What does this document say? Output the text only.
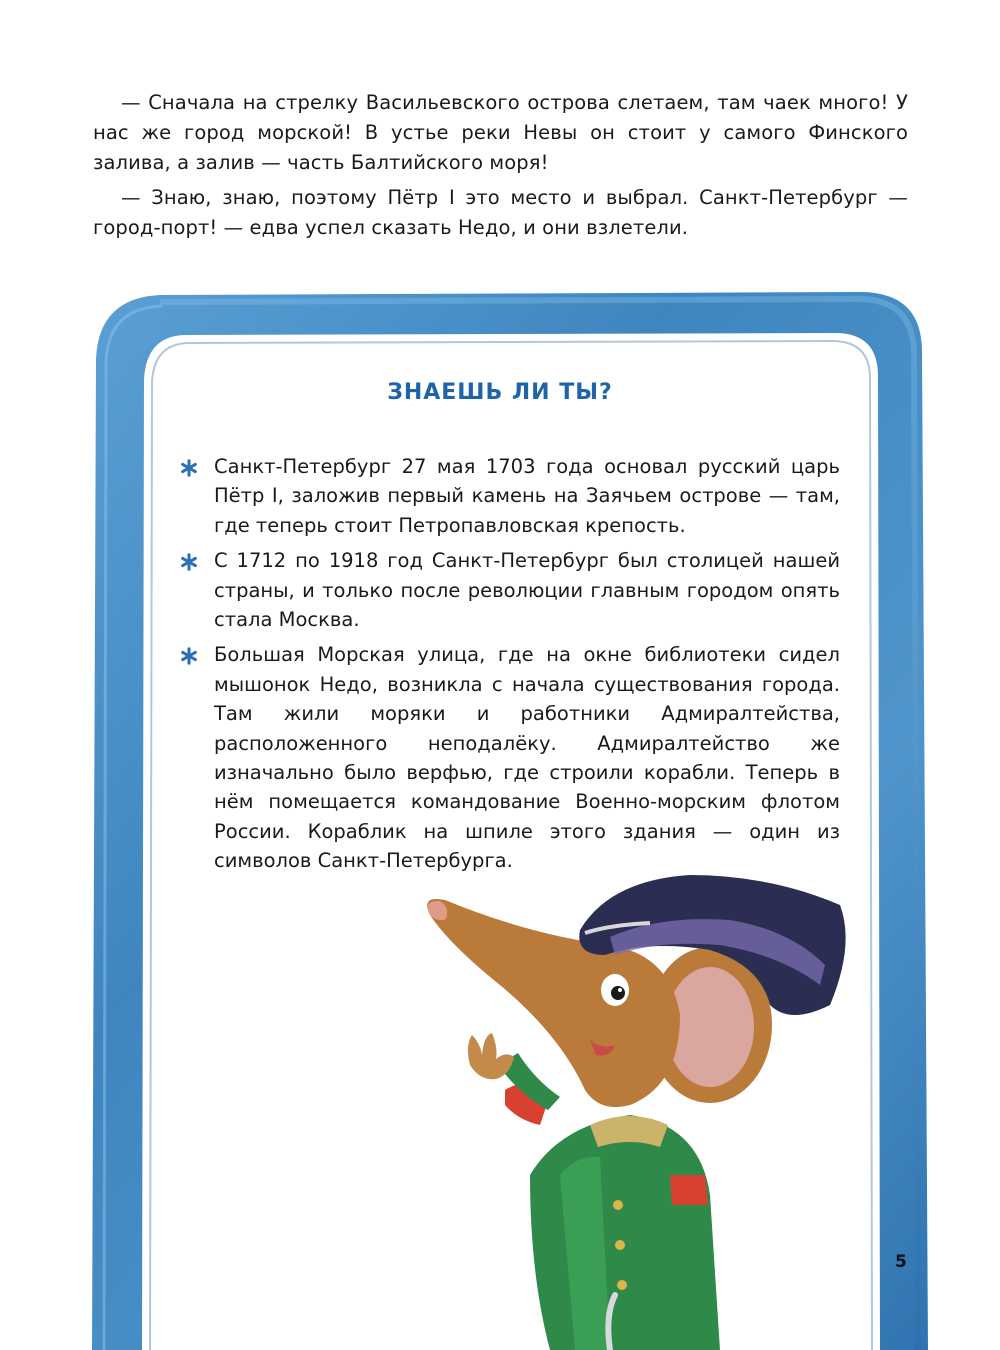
— Сначала на стрелку Васильевского острова слетаем, там чаек много! У нас же город морской! В устье реки Невы он стоит у самого Финского залива, а залив — часть Балтийского моря!

— Знаю, знаю, поэтому Пётр I это место и выбрал. Санкт-Петербург — город-порт! — едва успел сказать Недо, и они взлетели.

ЗНАЕШЬ ЛИ ТЫ?
Санкт-Петербург 27 мая 1703 года основал русский царь Пётр I, заложив первый камень на Заячьем острове — там, где теперь стоит Петропавловская крепость.
С 1712 по 1918 год Санкт-Петербург был столицей нашей страны, и только после революции главным городом опять стала Москва.
Большая Морская улица, где на окне библиотеки сидел мышонок Недо, возникла с начала существования города. Там жили моряки и работники Адмиралтейства, расположенного неподалёку. Адмиралтейство же изначально было верфью, где строили корабли. Теперь в нём помещается командование Военно-морским флотом России. Кораблик на шпиле этого здания — один из символов Санкт-Петербурга.
5
